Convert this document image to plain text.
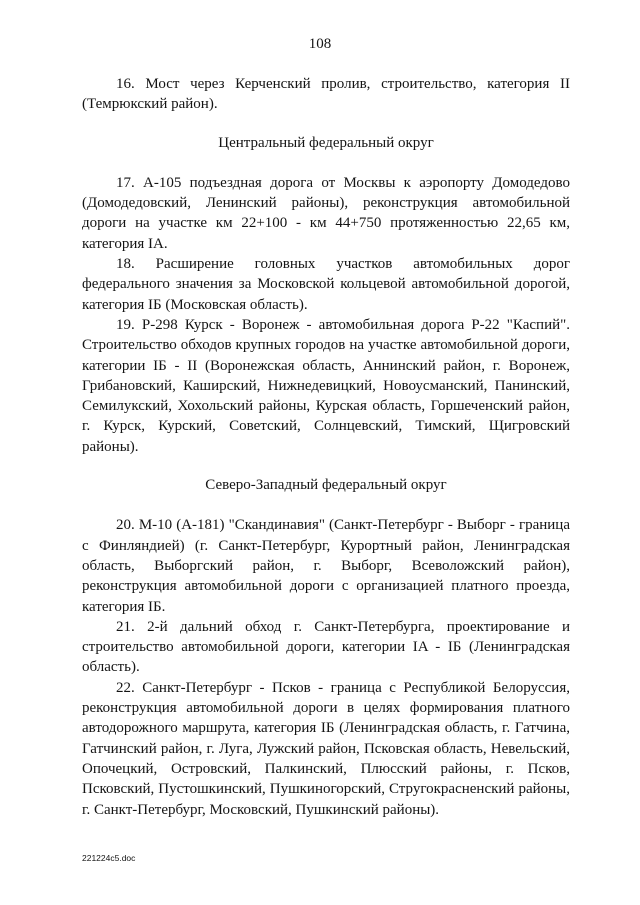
108

16. Мост через Керченский пролив, строительство, категория II (Темрюкский район).

Центральный федеральный округ

17. А-105 подъездная дорога от Москвы к аэропорту Домодедово (Домодедовский, Ленинский районы), реконструкция автомобильной дороги на участке км 22+100 - км 44+750 протяженностью 22,65 км, категория IA.

18. Расширение головных участков автомобильных дорог федерального значения за Московской кольцевой автомобильной дорогой, категория IБ (Московская область).

19. Р-298 Курск - Воронеж - автомобильная дорога Р-22 "Каспий". Строительство обходов крупных городов на участке автомобильной дороги, категории IБ - II (Воронежская область, Аннинский район, г. Воронеж, Грибановский, Каширский, Нижнедевицкий, Новоусманский, Панинский, Семилукский, Хохольский районы, Курская область, Горшеченский район, г. Курск, Курский, Советский, Солнцевский, Тимский, Щигровский районы).

Северо-Западный федеральный округ

20. М-10 (А-181) "Скандинавия" (Санкт-Петербург - Выборг - граница с Финляндией) (г. Санкт-Петербург, Курортный район, Ленинградская область, Выборгский район, г. Выборг, Всеволожский район), реконструкция автомобильной дороги с организацией платного проезда, категория IБ.

21. 2-й дальний обход г. Санкт-Петербурга, проектирование и строительство автомобильной дороги, категории IA - IБ (Ленинградская область).

22. Санкт-Петербург - Псков - граница с Республикой Белоруссия, реконструкция автомобильной дороги в целях формирования платного автодорожного маршрута, категория IБ (Ленинградская область, г. Гатчина, Гатчинский район, г. Луга, Лужский район, Псковская область, Невельский, Опочецкий, Островский, Палкинский, Плюсский районы, г. Псков, Псковский, Пустошкинский, Пушкиногорский, Стругокрасненский районы, г. Санкт-Петербург, Московский, Пушкинский районы).

221224c5.doc
